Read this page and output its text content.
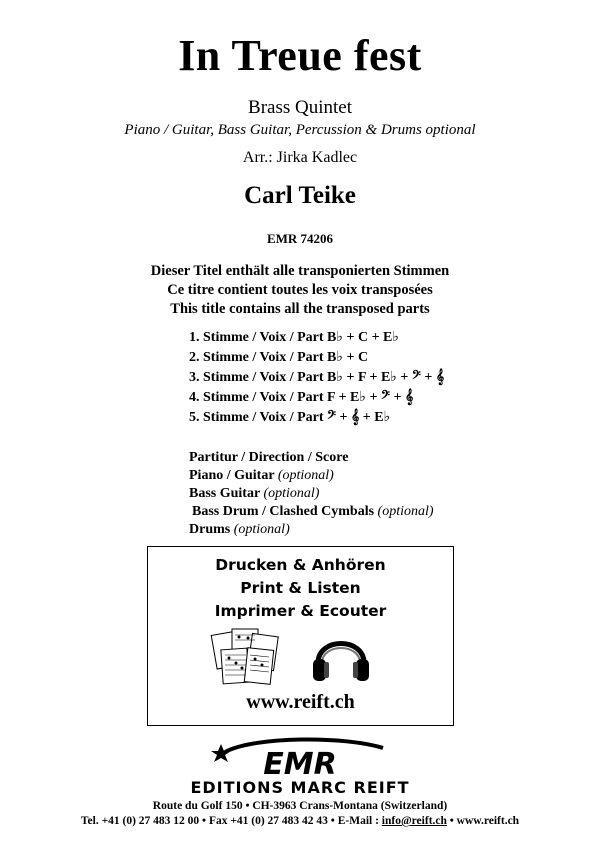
In Treue fest
Brass Quintet
Piano / Guitar, Bass Guitar, Percussion & Drums optional
Arr.: Jirka Kadlec
Carl Teike
EMR 74206
Dieser Titel enthält alle transponierten Stimmen
Ce titre contient toutes les voix transposées
This title contains all the transposed parts
1. Stimme / Voix / Part B♭ + C + E♭
2. Stimme / Voix / Part B♭ + C
3. Stimme / Voix / Part B♭ + F + E♭ + 𝄢 + 𝄞
4. Stimme / Voix / Part F + E♭ + 𝄢 + 𝄞
5. Stimme / Voix / Part 𝄢 + 𝄞 + E♭
Partitur / Direction / Score
Piano / Guitar (optional)
Bass Guitar (optional)
Bass Drum / Clashed Cymbals (optional)
Drums (optional)
Drucken & Anhören
Print & Listen
Imprimer & Ecouter
www.reift.ch
EMR
EDITIONS MARC REIFT
Route du Golf 150 • CH-3963 Crans-Montana (Switzerland)
Tel. +41 (0) 27 483 12 00 • Fax +41 (0) 27 483 42 43 • E-Mail : info@reift.ch • www.reift.ch
